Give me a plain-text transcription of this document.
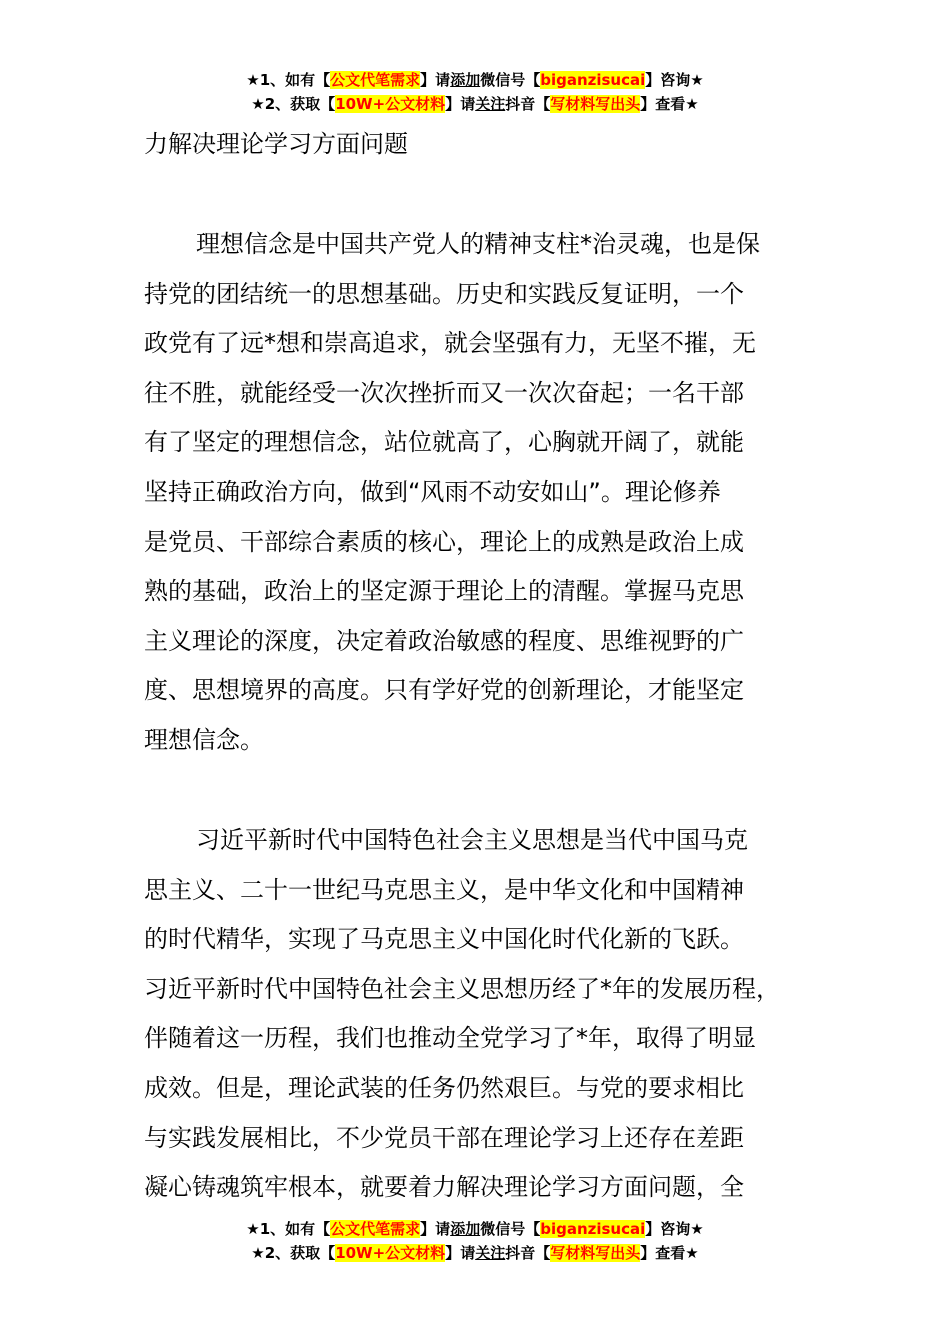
★1、如有【公文代笔需求】请添加微信号【biganzisucai】咨询★
★2、获取【10W+公文材料】请关注抖音【写材料写出头】查看★
力解决理论学习方面问题
理想信念是中国共产党人的精神支柱*治灵魂，也是保
持党的团结统一的思想基础。历史和实践反复证明，一个
政党有了远*想和崇高追求，就会坚强有力，无坚不摧，无
往不胜，就能经受一次次挫折而又一次次奋起；一名干部
有了坚定的理想信念，站位就高了，心胸就开阔了，就能
坚持正确政治方向，做到“风雨不动安如山”。理论修养
是党员、干部综合素质的核心，理论上的成熟是政治上成
熟的基础，政治上的坚定源于理论上的清醒。掌握马克思
主义理论的深度，决定着政治敏感的程度、思维视野的广
度、思想境界的高度。只有学好党的创新理论，才能坚定
理想信念。
习近平新时代中国特色社会主义思想是当代中国马克
思主义、二十一世纪马克思主义，是中华文化和中国精神
的时代精华，实现了马克思主义中国化时代化新的飞跃。
习近平新时代中国特色社会主义思想历经了*年的发展历程，
伴随着这一历程，我们也推动全党学习了*年，取得了明显
成效。但是，理论武装的任务仍然艰巨。与党的要求相比
与实践发展相比，不少党员干部在理论学习上还存在差距
凝心铸魂筑牢根本，就要着力解决理论学习方面问题，全
★1、如有【公文代笔需求】请添加微信号【biganzisucai】咨询★
★2、获取【10W+公文材料】请关注抖音【写材料写出头】查看★
